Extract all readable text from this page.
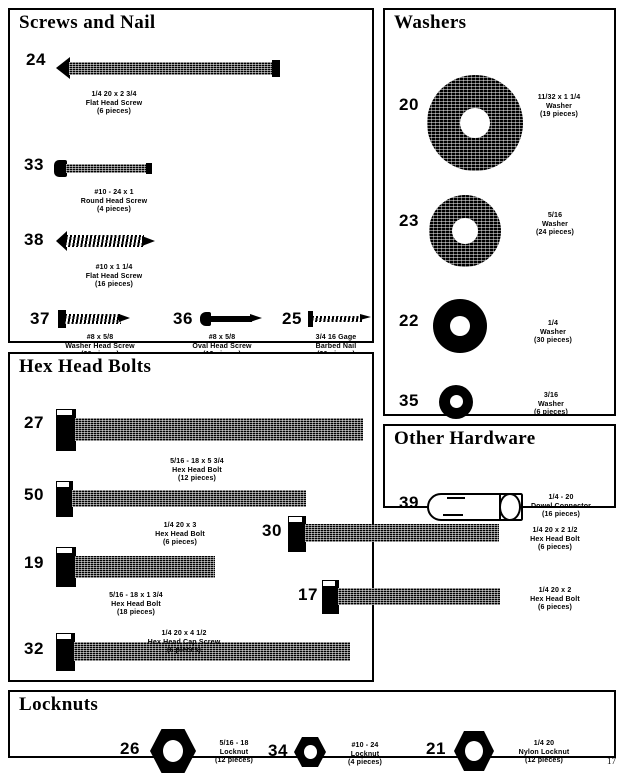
Screws and Nail
24
1/4 20 x 2 3/4
Flat Head Screw
(6 pieces)
33
#10 - 24 x 1
Round Head Screw
(4 pieces)
38
#10 x 1 1/4
Flat Head Screw
(16 pieces)
37
#8 x 5/8
Washer Head Screw
36
#8 x 5/8
Oval Head Screw
25
3/4 16 Gage
Barbed Nail
Washers
20	11/32 x 1 1/4
Washer
(19 pieces)
23	5/16
Washer
(24 pieces)
22	1/4
Washer
(30 pieces)
35	3/16
Washer
(6 pieces)
Hex Head Bolts
27
5/16 - 18 x 5 3/4
Hex Head Bolt
(12 pieces)
50
1/4 20 x 3
Hex Head Bolt
(6 pieces)
19
5/16 - 18 x 1 3/4
Hex Head Bolt
(18 pieces)
32
1/4 20 x 4 1/2
Hex Head Cap Screw
(6 pieces)
30	1/4 20 x 2 1/2
Hex Head Bolt
(6 pieces)
17	1/4 20 x 2
Hex Head Bolt
(6 pieces)
Other Hardware
39	1/4 - 20
Dowel Connector
(16 pieces)
Locknuts
26	5/16 - 18
Locknut
(12 pieces) 34	#10 - 24
Locknut
(4 pieces)
21	1/4 20
Nylon Locknut
(12 pieces)	17
